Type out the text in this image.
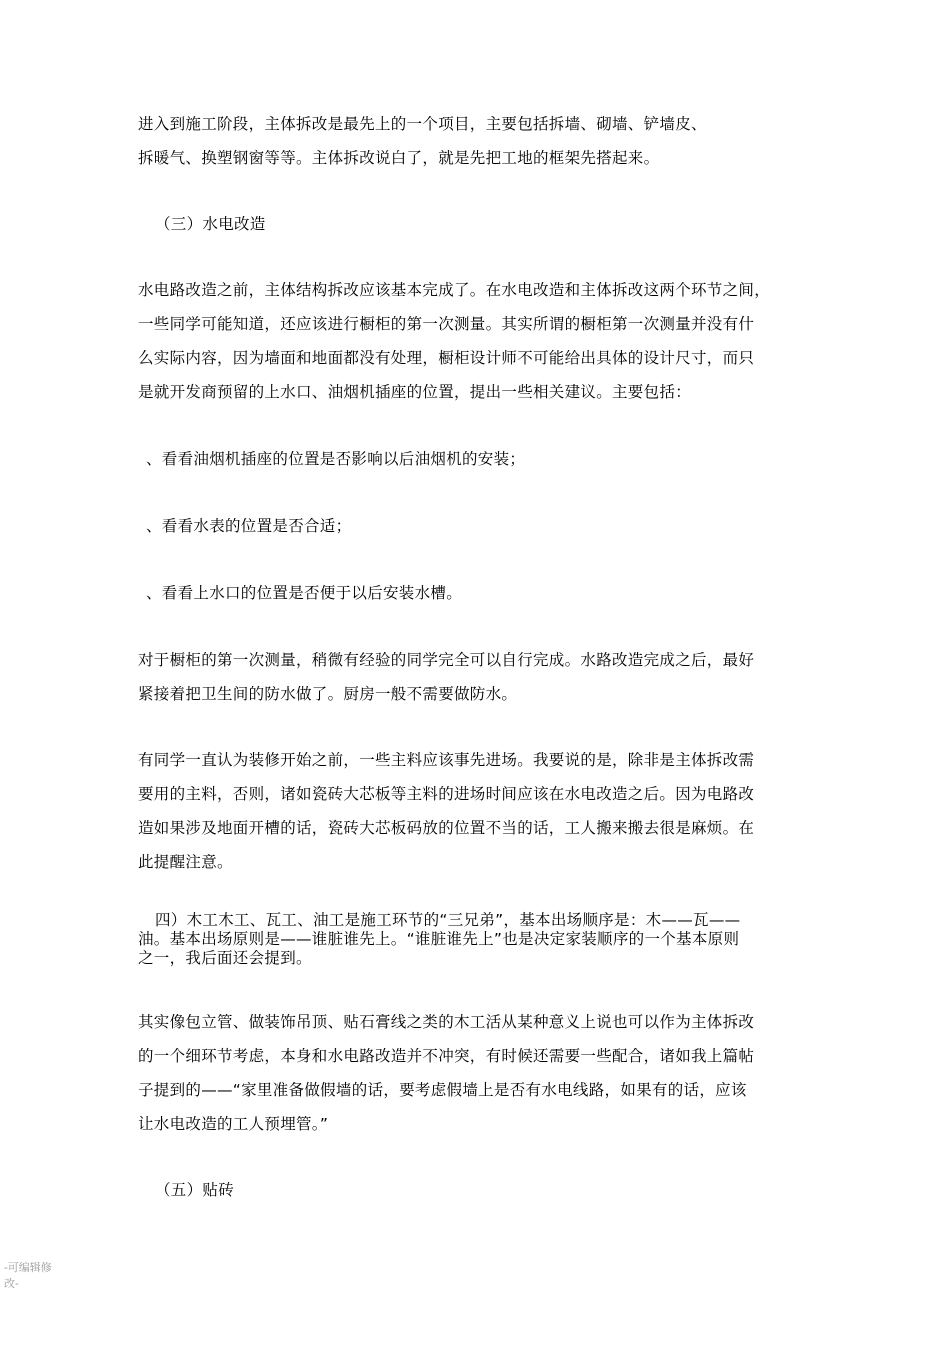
进入到施工阶段，主体拆改是最先上的一个项目，主要包括拆墙、砌墙、铲墙皮、
拆暖气、换塑钢窗等等。主体拆改说白了，就是先把工地的框架先搭起来。
（三）水电改造
水电路改造之前，主体结构拆改应该基本完成了。在水电改造和主体拆改这两个环节之间，
一些同学可能知道，还应该进行橱柜的第一次测量。其实所谓的橱柜第一次测量并没有什
么实际内容，因为墙面和地面都没有处理，橱柜设计师不可能给出具体的设计尺寸，而只
是就开发商预留的上水口、油烟机插座的位置，提出一些相关建议。主要包括：
、看看油烟机插座的位置是否影响以后油烟机的安装；
、看看水表的位置是否合适；
、看看上水口的位置是否便于以后安装水槽。
对于橱柜的第一次测量，稍微有经验的同学完全可以自行完成。水路改造完成之后，最好
紧接着把卫生间的防水做了。厨房一般不需要做防水。
有同学一直认为装修开始之前，一些主料应该事先进场。我要说的是，除非是主体拆改需
要用的主料，否则，诸如瓷砖大芯板等主料的进场时间应该在水电改造之后。因为电路改
造如果涉及地面开槽的话，瓷砖大芯板码放的位置不当的话，工人搬来搬去很是麻烦。在
此提醒注意。
四）木工木工、瓦工、油工是施工环节的“三兄弟”，基本出场顺序是：木——瓦——
油。基本出场原则是——谁脏谁先上。“谁脏谁先上”也是决定家装顺序的一个基本原则
之一，我后面还会提到。
其实像包立管、做装饰吊顶、贴石膏线之类的木工活从某种意义上说也可以作为主体拆改
的一个细环节考虑，本身和水电路改造并不冲突，有时候还需要一些配合，诸如我上篇帖
子提到的——“家里准备做假墙的话，要考虑假墙上是否有水电线路，如果有的话，应该
让水电改造的工人预埋管。”
（五）贴砖
-可编辑修改-
